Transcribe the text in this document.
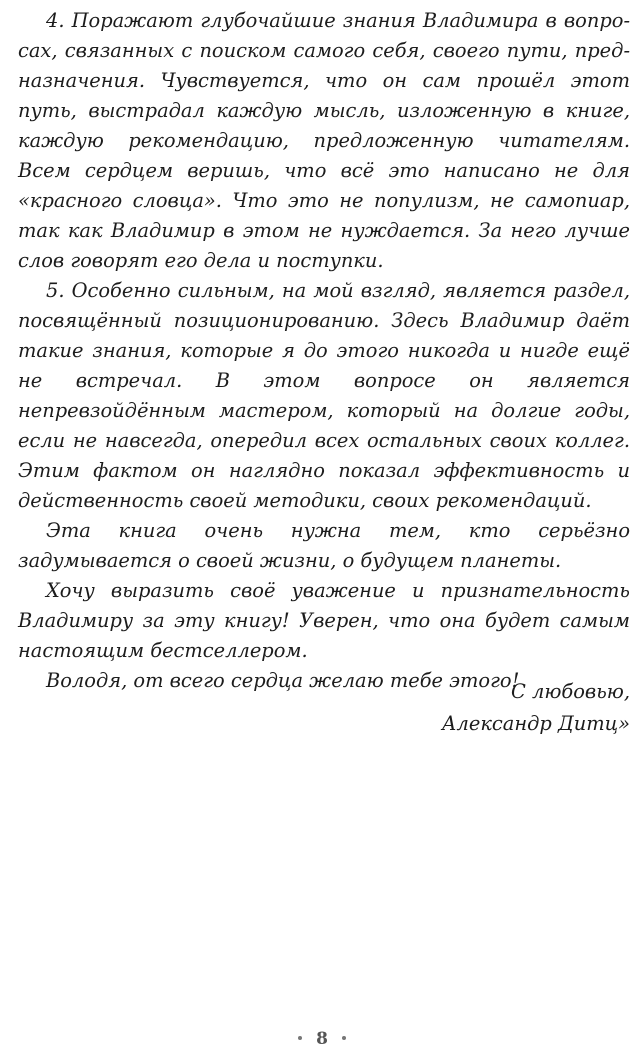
4. Поражают глубочайшие знания Владимира в вопросах, связанных с поиском самого себя, своего пути, предназначения. Чувствуется, что он сам прошёл этот путь, выстрадал каждую мысль, изложенную в книге, каждую рекомендацию, предложенную читателям. Всем сердцем веришь, что всё это написано не для «красного словца». Что это не популизм, не самопиар, так как Владимир в этом не нуждается. За него лучше слов говорят его дела и поступки.

5. Особенно сильным, на мой взгляд, является раздел, посвящённый позиционированию. Здесь Владимир даёт такие знания, которые я до этого никогда и нигде ещё не встречал. В этом вопросе он является непревзойдённым мастером, который на долгие годы, если не навсегда, опередил всех остальных своих коллег. Этим фактом он наглядно показал эффективность и действенность своей методики, своих рекомендаций.

Эта книга очень нужна тем, кто серьёзно задумывается о своей жизни, о будущем планеты.

Хочу выразить своё уважение и признательность Владимиру за эту книгу! Уверен, что она будет самым настоящим бестселлером.

Володя, от всего сердца желаю тебе этого!

С любовью,
Александр Дитц»
8
